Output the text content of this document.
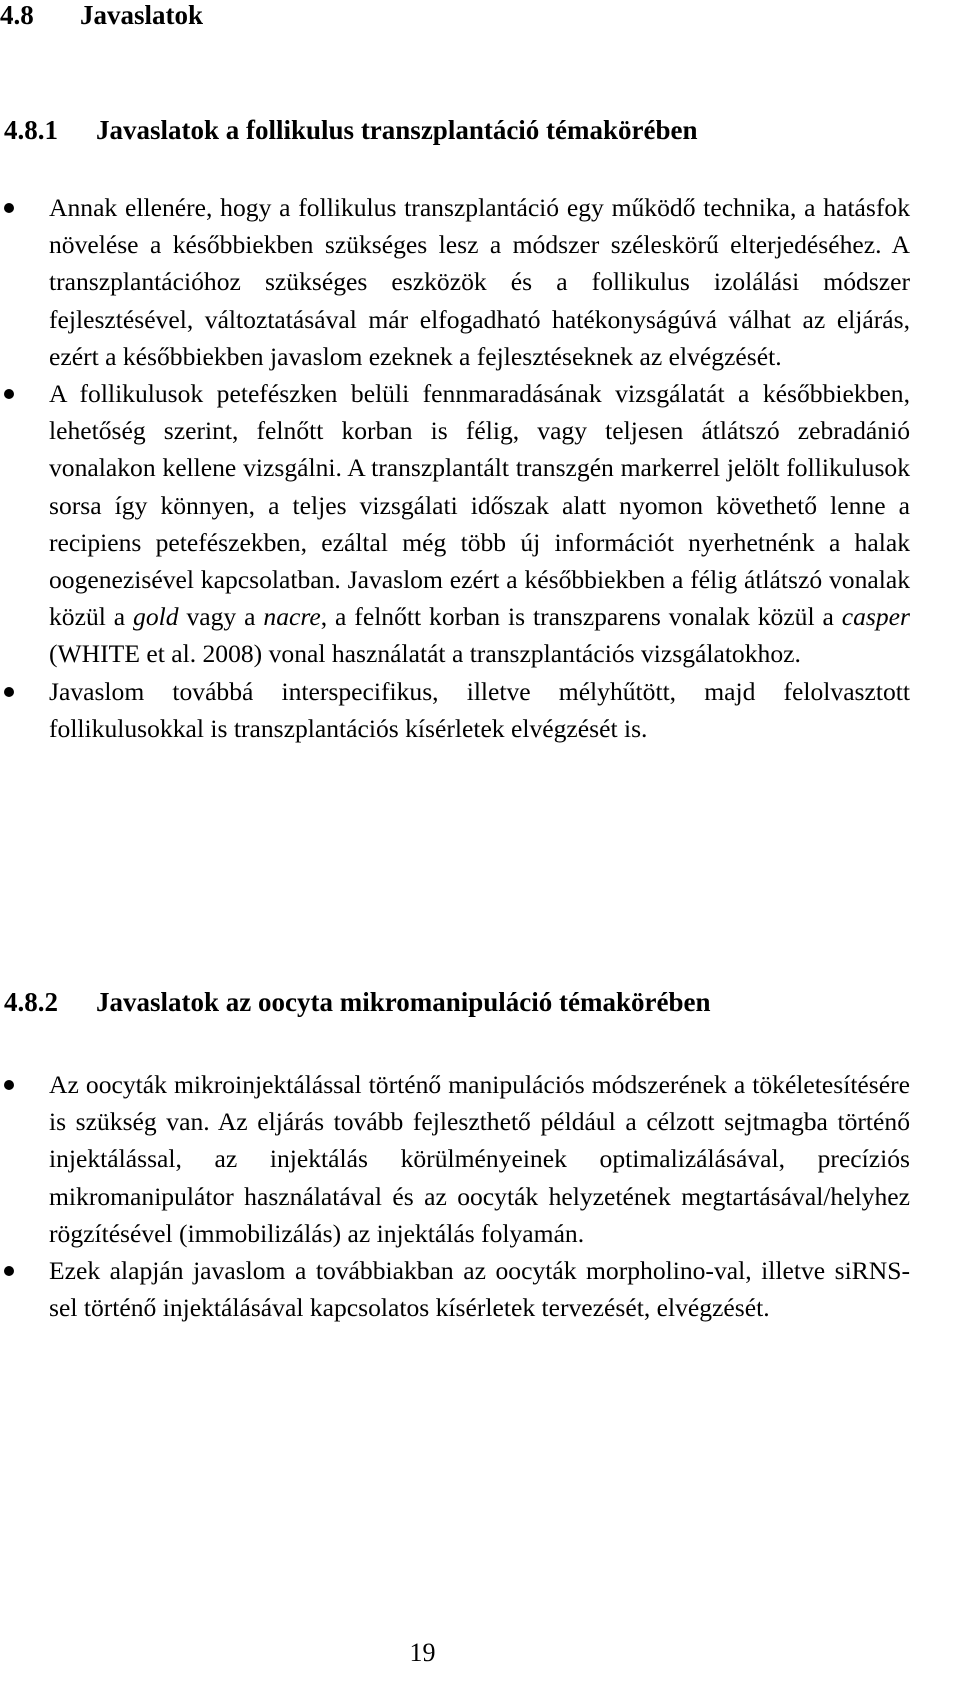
4.8 Javaslatok
4.8.1 Javaslatok a follikulus transzplantáció témakörében
Annak ellenére, hogy a follikulus transzplantáció egy működő technika, a hatásfok növelése a későbbiekben szükséges lesz a módszer széleskörű elterjedéséhez. A transzplantációhoz szükséges eszközök és a follikulus izolálási módszer fejlesztésével, változtatásával már elfogadható hatékonyságúvá válhat az eljárás, ezért a későbbiekben javaslom ezeknek a fejlesztéseknek az elvégzését.
A follikulusok petefészken belüli fennmaradásának vizsgálatát a későbbiekben, lehetőség szerint, felnőtt korban is félig, vagy teljesen átlátszó zebradánió vonalakon kellene vizsgálni. A transzplantált transzgén markerrel jelölt follikulusok sorsa így könnyen, a teljes vizsgálati időszak alatt nyomon követhető lenne a recipiens petefészekben, ezáltal még több új információt nyerhetnénk a halak oogenezisével kapcsolatban. Javaslom ezért a későbbiekben a félig átlátszó vonalak közül a gold vagy a nacre, a felnőtt korban is transzparens vonalak közül a casper (WHITE et al. 2008) vonal használatát a transzplantációs vizsgálatokhoz.
Javaslom továbbá interspecifikus, illetve mélyhűtött, majd felolvasztott follikulusokkal is transzplantációs kísérletek elvégzését is.
4.8.2 Javaslatok az oocyta mikromanipuláció témakörében
Az oocyták mikroinjektálással történő manipulációs módszerének a tökéletesítésére is szükség van. Az eljárás tovább fejleszthető például a célzott sejtmagba történő injektálással, az injektálás körülményeinek optimalizálásával, precíziós mikromanipulátor használatával és az oocyták helyzetének megtartásával/helyhez rögzítésével (immobilizálás) az injektálás folyamán.
Ezek alapján javaslom a továbbiakban az oocyták morpholino-val, illetve siRNS-sel történő injektálásával kapcsolatos kísérletek tervezését, elvégzését.
19
